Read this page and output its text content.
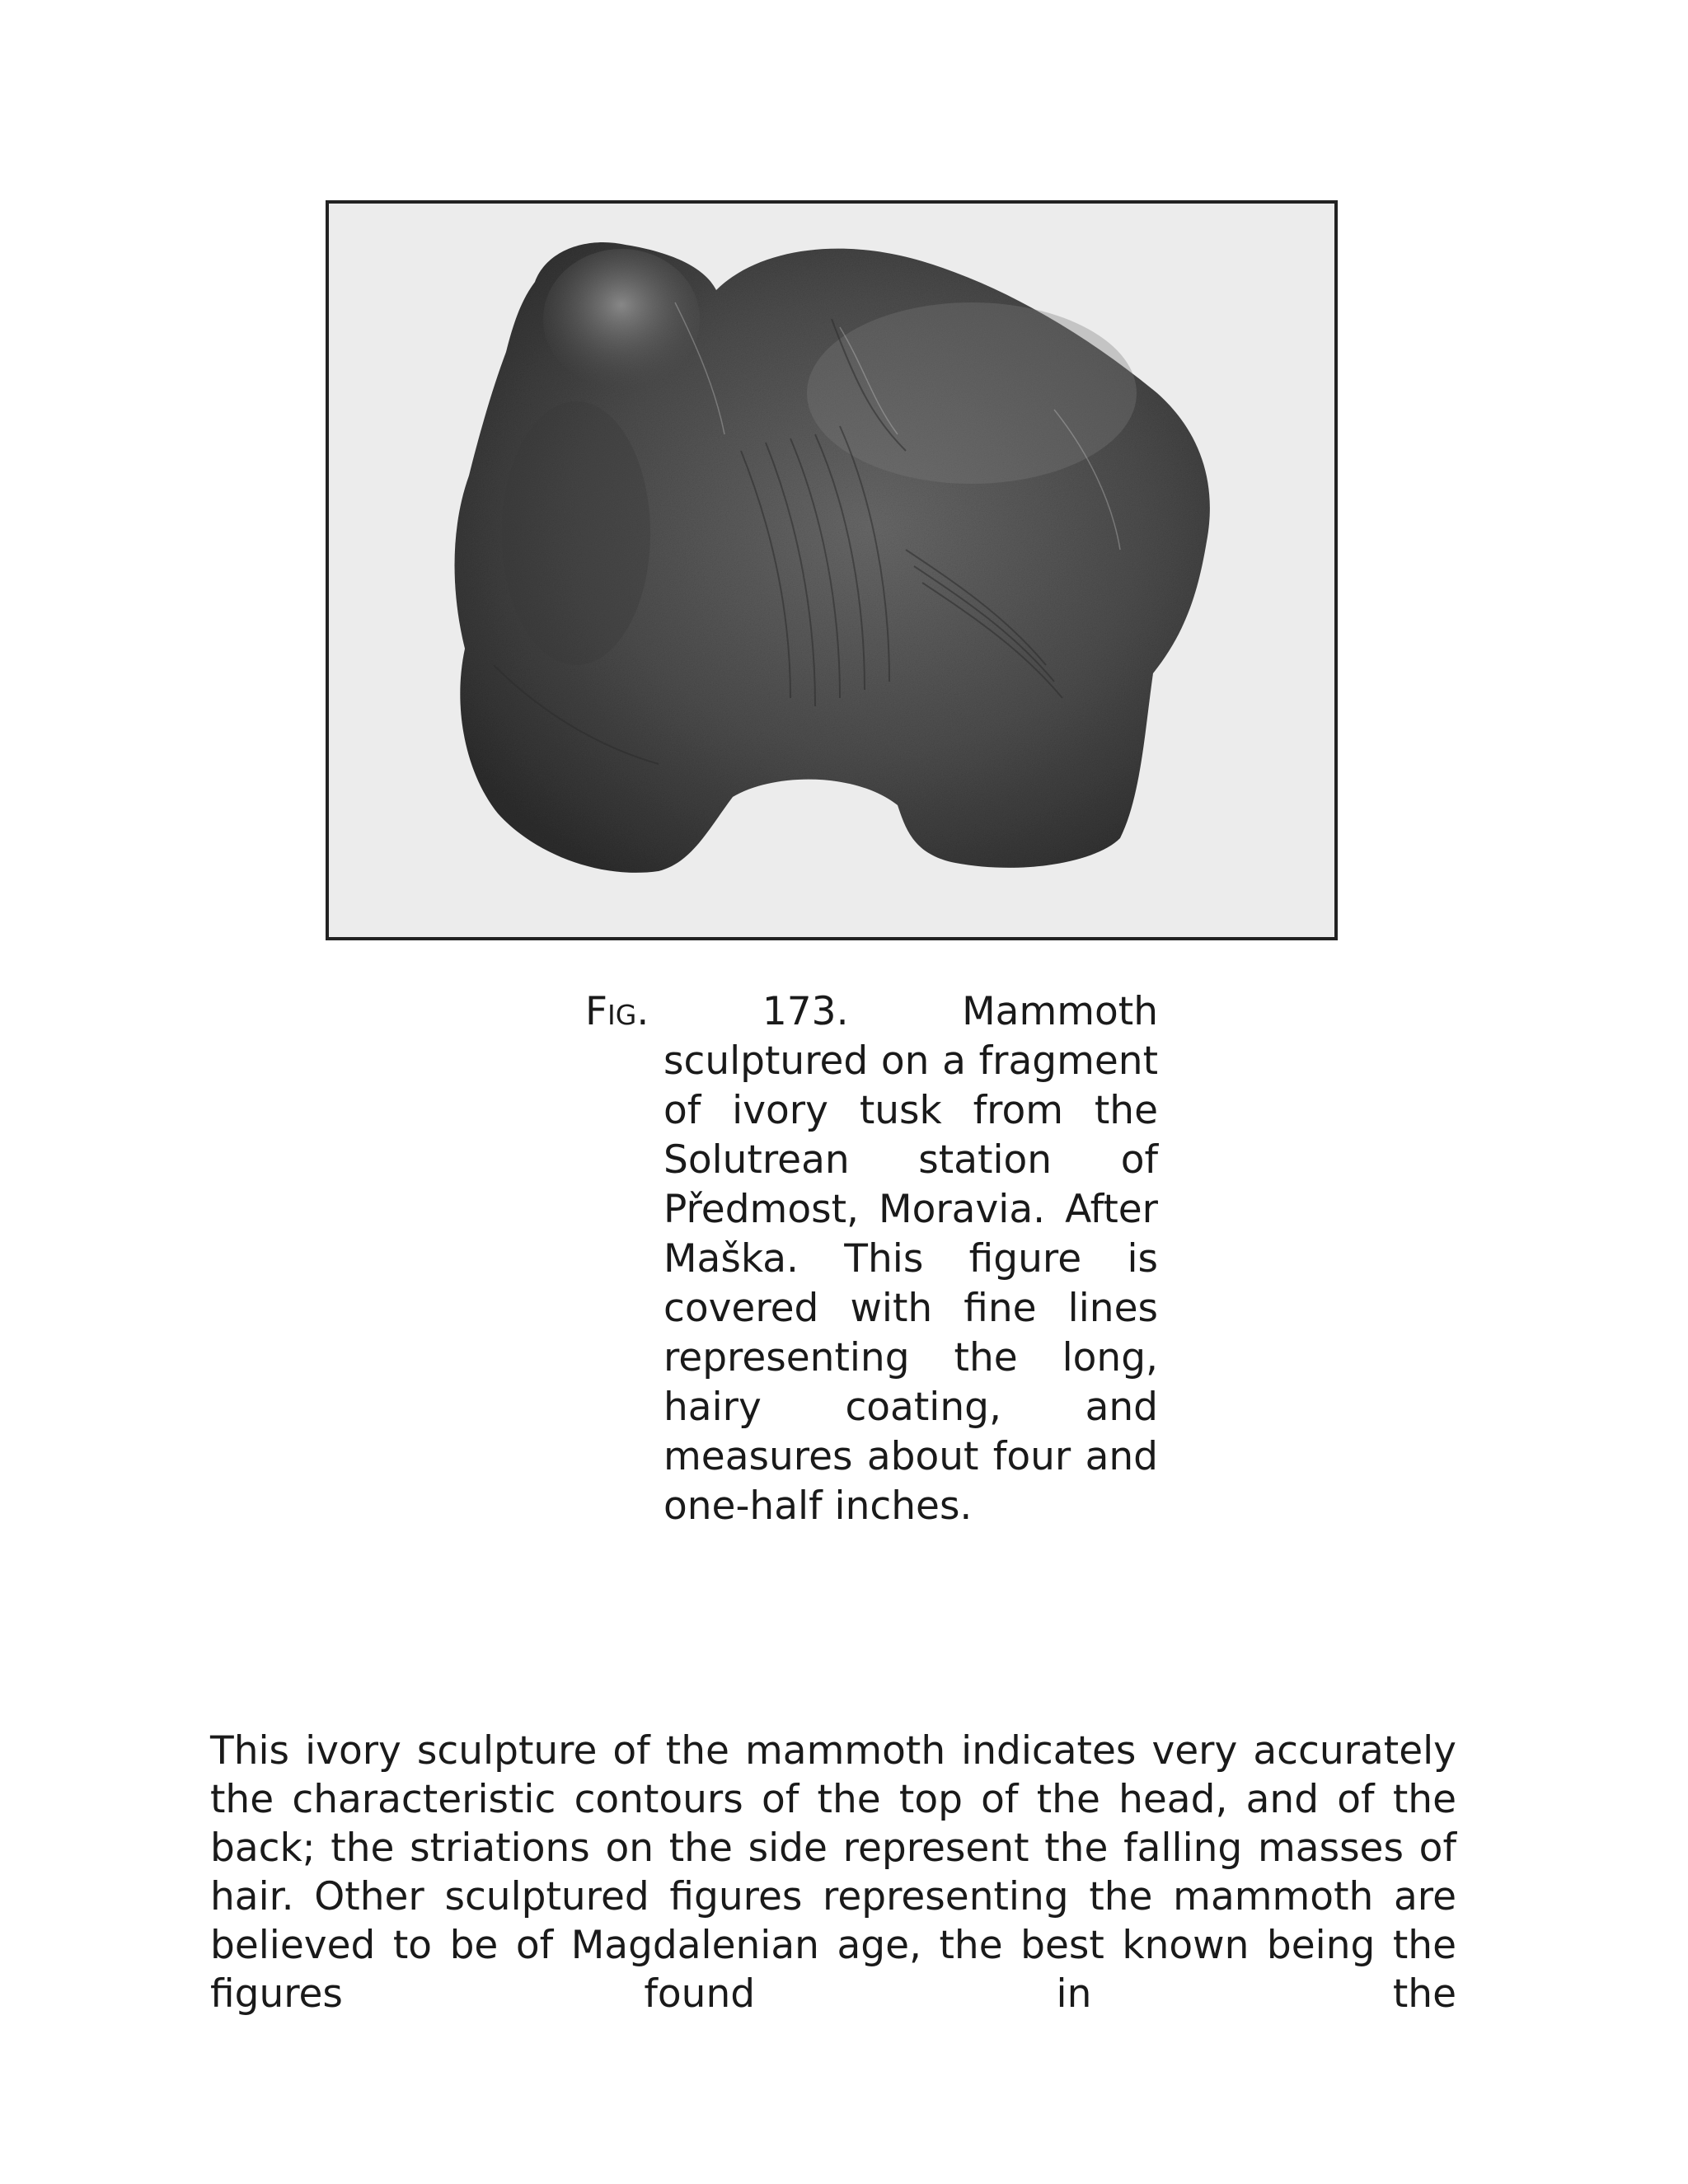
Fig.	173. Mammoth sculptured on a fragment of ivory tusk from the Solutrean station of Předmost, Moravia. After Maška. This figure is covered with fine lines representing the long, hairy coating, and measures about four and one-half inches.

This ivory sculpture of the mammoth indicates very accurately the characteristic contours of the top of the head, and of the back; the striations on the side represent the falling masses of hair. Other sculptured figures representing the mammoth are believed to be of Magdalenian age, the best known being the figures found in the
